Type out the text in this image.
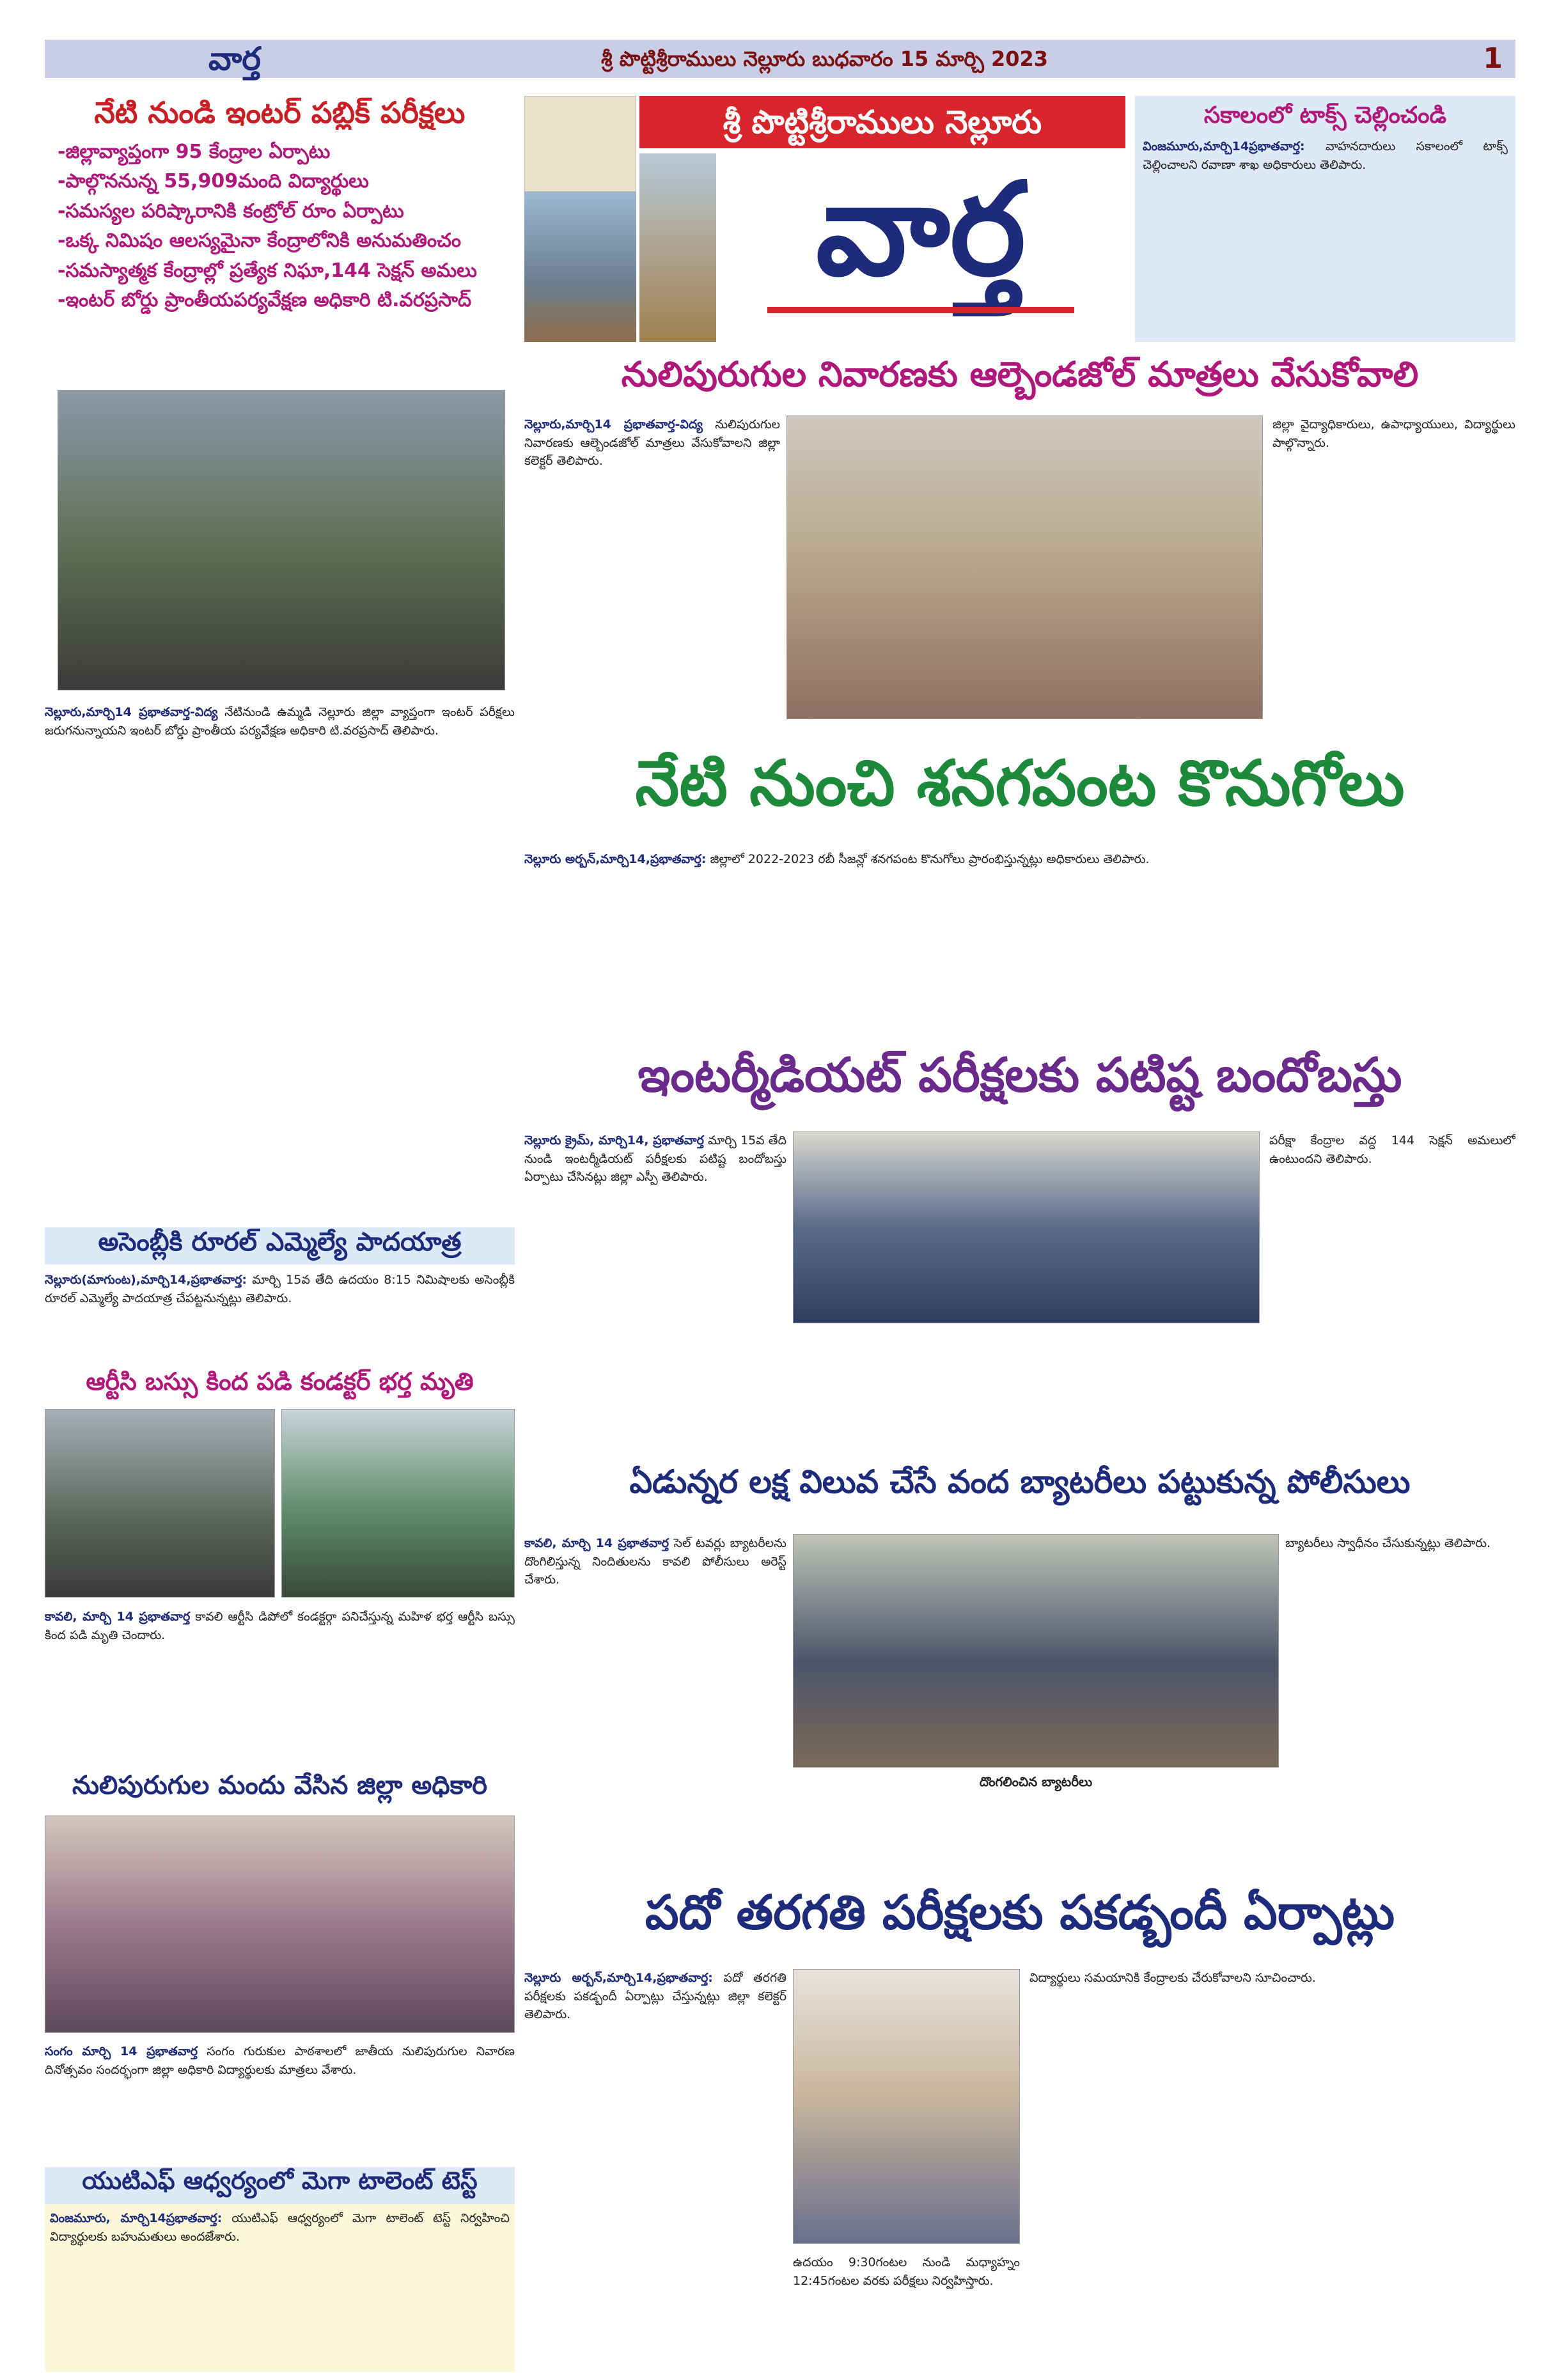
వార్త	శ్రీ పొట్టిశ్రీరాములు నెల్లూరు బుధవారం 15 మార్చి 2023	1
నేటి నుండి ఇంటర్ పబ్లిక్ పరీక్షలు
-జిల్లావ్యాప్తంగా 95 కేంద్రాల ఏర్పాటు
-పాల్గొననున్న 55,909మంది విద్యార్థులు
-సమస్యల పరిష్కారానికి కంట్రోల్ రూం ఏర్పాటు
-ఒక్క నిమిషం ఆలస్యమైనా కేంద్రాలోనికి అనుమతించం
-సమస్యాత్మక కేంద్రాల్లో ప్రత్యేక నిఘా,144 సెక్షన్ అమలు
-ఇంటర్ బోర్డు ప్రాంతీయపర్యవేక్షణ అధికారి టి.వరప్రసాద్
నెల్లూరు,మార్చి14 ప్రభాతవార్త-విద్య నేటినుండి ఉమ్మడి నెల్లూరు జిల్లా వ్యాప్తంగా ఇంటర్ పరీక్షలు జరుగనున్నాయని ఇంటర్ బోర్డు ప్రాంతీయ పర్యవేక్షణ అధికారి టి.వరప్రసాద్ తెలిపారు.
శ్రీ పొట్టిశ్రీరాములు నెల్లూరు
వార్త
సకాలంలో టాక్స్ చెల్లించండి
వింజమూరు,మార్చి14ప్రభాతవార్త: వాహనదారులు సకాలంలో టాక్స్ చెల్లించాలని రవాణా శాఖ అధికారులు తెలిపారు.
నులిపురుగుల నివారణకు ఆల్బెండజోల్ మాత్రలు వేసుకోవాలి
నెల్లూరు,మార్చి14 ప్రభాతవార్త-విద్య నులిపురుగుల నివారణకు ఆల్బెండజోల్ మాత్రలు వేసుకోవాలని జిల్లా కలెక్టర్ తెలిపారు.
జిల్లా వైద్యాధికారులు, ఉపాధ్యాయులు, విద్యార్థులు పాల్గొన్నారు.
నేటి నుంచి శనగపంట కొనుగోలు
నెల్లూరు అర్బన్,మార్చి14,ప్రభాతవార్త: జిల్లాలో 2022-2023 రబీ సీజన్లో శనగపంట కొనుగోలు ప్రారంభిస్తున్నట్లు అధికారులు తెలిపారు.
ఇంటర్మీడియట్ పరీక్షలకు పటిష్ట బందోబస్తు
నెల్లూరు క్రైమ్, మార్చి14, ప్రభాతవార్త మార్చి 15వ తేది నుండి ఇంటర్మీడియట్ పరీక్షలకు పటిష్ట బందోబస్తు ఏర్పాటు చేసినట్లు జిల్లా ఎస్పీ తెలిపారు.
పరీక్షా కేంద్రాల వద్ద 144 సెక్షన్ అమలులో ఉంటుందని తెలిపారు.
ఏడున్నర లక్ష విలువ చేసే వంద బ్యాటరీలు పట్టుకున్న పోలీసులు
కావలి, మార్చి 14 ప్రభాతవార్త సెల్ టవర్లు బ్యాటరీలను దొంగిలిస్తున్న నిందితులను కావలి పోలీసులు అరెస్ట్ చేశారు.
దొంగలించిన బ్యాటరీలు
బ్యాటరీలు స్వాధీనం చేసుకున్నట్లు తెలిపారు.
అసెంబ్లీకి రూరల్ ఎమ్మెల్యే పాదయాత్ర
నెల్లూరు(మాగుంట),మార్చి14,ప్రభాతవార్త: మార్చి 15వ తేది ఉదయం 8:15 నిమిషాలకు అసెంబ్లీకి రూరల్ ఎమ్మెల్యే పాదయాత్ర చేపట్టనున్నట్లు తెలిపారు.
ఆర్టీసి బస్సు కింద పడి కండక్టర్ భర్త మృతి
కావలి, మార్చి 14 ప్రభాతవార్త కావలి ఆర్టీసి డిపోలో కండక్టర్గా పనిచేస్తున్న మహిళ భర్త ఆర్టీసి బస్సు కింద పడి మృతి చెందారు.
నులిపురుగుల మందు వేసిన జిల్లా అధికారి
సంగం మార్చి 14 ప్రభాతవార్త సంగం గురుకుల పాఠశాలలో జాతీయ నులిపురుగుల నివారణ దినోత్సవం సందర్భంగా జిల్లా అధికారి విద్యార్థులకు మాత్రలు వేశారు.
యుటిఎఫ్ ఆధ్వర్యంలో మెగా టాలెంట్ టెస్ట్
వింజమూరు, మార్చి14ప్రభాతవార్త: యుటిఎఫ్ ఆధ్వర్యంలో మెగా టాలెంట్ టెస్ట్ నిర్వహించి విద్యార్థులకు బహుమతులు అందజేశారు.
పదో తరగతి పరీక్షలకు పకడ్బందీ ఏర్పాట్లు
నెల్లూరు అర్బన్,మార్చి14,ప్రభాతవార్త: పదో తరగతి పరీక్షలకు పకడ్బందీ ఏర్పాట్లు చేస్తున్నట్లు జిల్లా కలెక్టర్ తెలిపారు.
ఉదయం 9:30గంటల నుండి మధ్యాహ్నం 12:45గంటల వరకు పరీక్షలు నిర్వహిస్తారు.
విద్యార్థులు సమయానికి కేంద్రాలకు చేరుకోవాలని సూచించారు.
